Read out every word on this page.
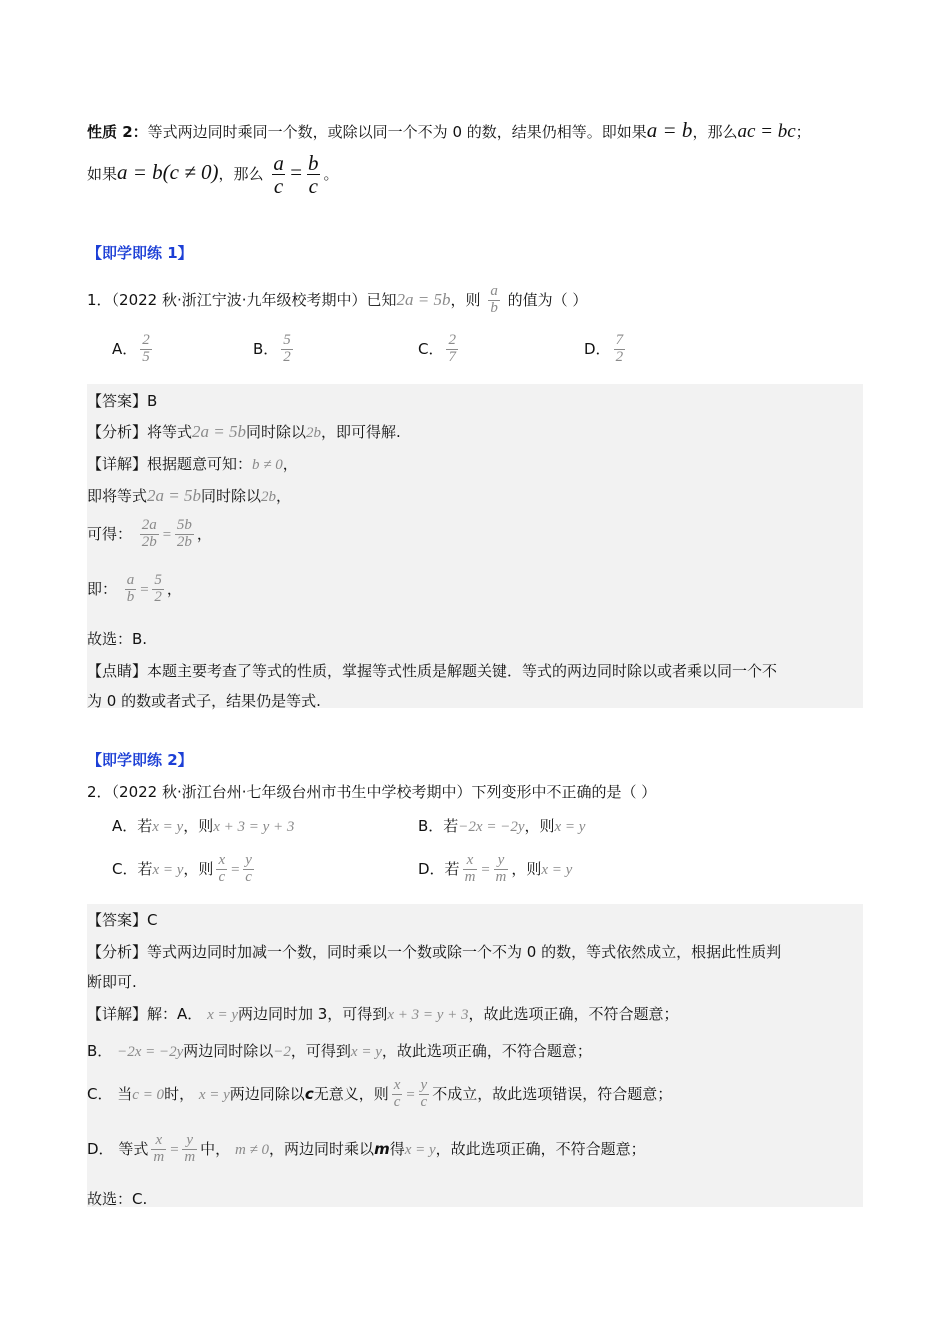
性质 2：等式两边同时乘同一个数，或除以同一个不为 0 的数，结果仍相等。即如果a = b，那么ac = bc；
如果a = b(c ≠ 0)，那么 $\frac{a}{c} = \frac{b}{c}$ 。
【即学即练 1】
1．（2022 秋·浙江宁波·九年级校考期中）已知2a = 5b，则 $\frac{a}{b}$ 的值为（ ）
A． $\frac{2}{5}$	B． $\frac{5}{2}$	C． $\frac{2}{7}$	D． $\frac{7}{2}$
【答案】B
【分析】将等式2a = 5b同时除以2b，即可得解.
【详解】根据题意可知：b ≠ 0，
即将等式2a = 5b同时除以2b，
可得： $\frac{2a}{2b} = \frac{5b}{2b}$ ，
即： $\frac{a}{b} = \frac{5}{2}$ ，
故选：B.
【点睛】本题主要考查了等式的性质，掌握等式性质是解题关键．等式的两边同时除以或者乘以同一个不
为 0 的数或者式子，结果仍是等式.
【即学即练 2】
2．（2022 秋·浙江台州·七年级台州市书生中学校考期中）下列变形中不正确的是（ ）
A．若x = y，则x + 3 = y + 3	B．若−2x = −2y，则x = y
C．若x = y，则 $\frac{x}{c} = \frac{y}{c}$	D．若 $\frac{x}{m} = \frac{y}{m}$ ，则x = y
【答案】C
【分析】等式两边同时加减一个数，同时乘以一个数或除一个不为 0 的数，等式依然成立，根据此性质判
断即可.
【详解】解：A． x = y两边同时加 3，可得到x + 3 = y + 3，故此选项正确，不符合题意；
B． −2x = −2y两边同时除以−2，可得到x = y，故此选项正确，不符合题意；
C． 当c = 0时， x = y两边同除以c无意义，则 $\frac{x}{c} = \frac{y}{c}$ 不成立，故此选项错误，符合题意；
D． 等式 $\frac{x}{m} = \frac{y}{m}$ 中， m ≠ 0，两边同时乘以m得x = y，故此选项正确，不符合题意；
故选：C.
